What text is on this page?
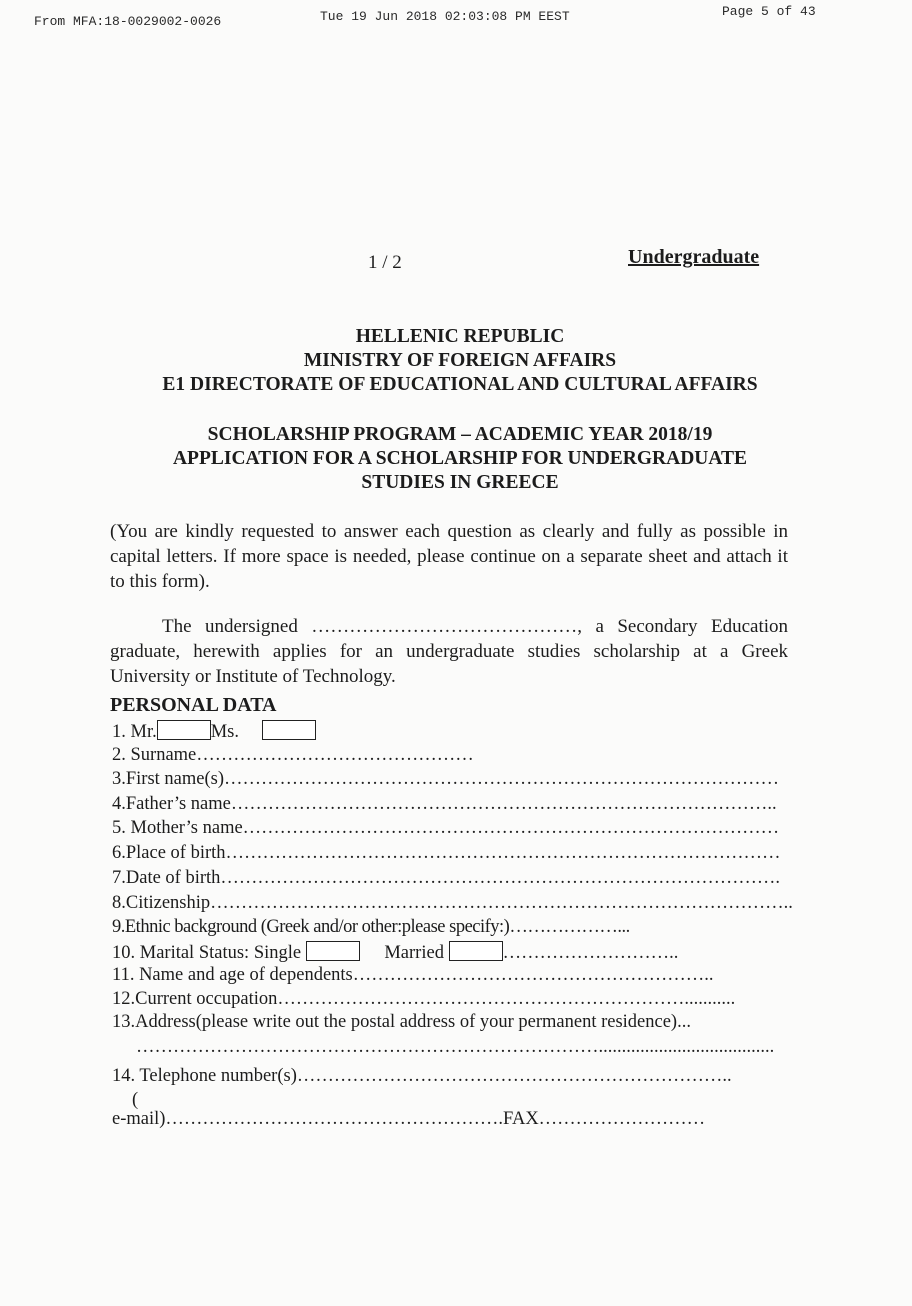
From MFA:18-0029002-0026	Tue 19 Jun 2018 02:03:08 PM EEST	Page 5 of 43
1 / 2	Undergraduate
HELLENIC REPUBLIC
MINISTRY OF FOREIGN AFFAIRS
E1 DIRECTORATE OF EDUCATIONAL AND CULTURAL AFFAIRS
SCHOLARSHIP PROGRAM – ACADEMIC YEAR 2018/19
APPLICATION FOR A SCHOLARSHIP FOR UNDERGRADUATE
STUDIES IN GREECE
(You are kindly requested to answer each question as clearly and fully as possible in capital letters. If more space is needed, please continue on a separate sheet and attach it to this form).
The undersigned ……………………………………, a Secondary Education graduate, herewith applies for an undergraduate studies scholarship at a Greek University or Institute of Technology.
PERSONAL DATA
1. Mr.	Ms.
2. Surname………………………………………
3.First name(s)………………………………………………………………………………
4.Father’s name……………………………………………………………………………..
5. Mother’s name……………………………………………………………………………
6.Place of birth………………………………………………………………………………
7.Date of birth……………………………………………………………………………….
8.Citizenship…………………………………………………………………………………..
9.Ethnic background (Greek and/or other:please specify:)………………...
10. Marital Status: Single	Married	………………………..
11. Name and age of dependents…………………………………………………..
12.Current occupation…………………………………………………………...........
13.Address(please write out the postal address of your permanent residence)...
…………………………………………………………………......................................
14. Telephone number(s)……………………………………………………………..
(
e-mail)……………………………………………….FAX………………………
